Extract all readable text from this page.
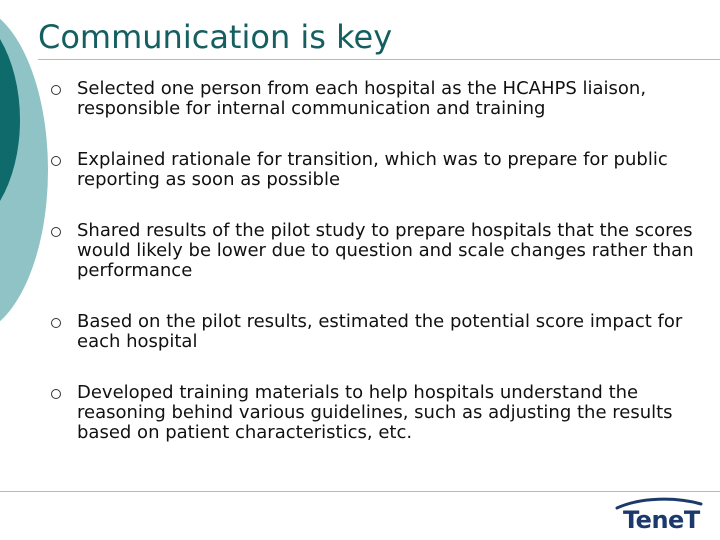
Communication is key
Selected one person from each hospital as the HCAHPS liaison, responsible for internal communication and training
Explained rationale for transition, which was to prepare for public reporting as soon as possible
Shared results of the pilot study to prepare hospitals that the scores would likely be lower due to question and scale changes rather than performance
Based on the pilot results, estimated the potential score impact for each hospital
Developed training materials to help hospitals understand the reasoning behind various guidelines, such as adjusting the results based on patient characteristics, etc.
TeneT
